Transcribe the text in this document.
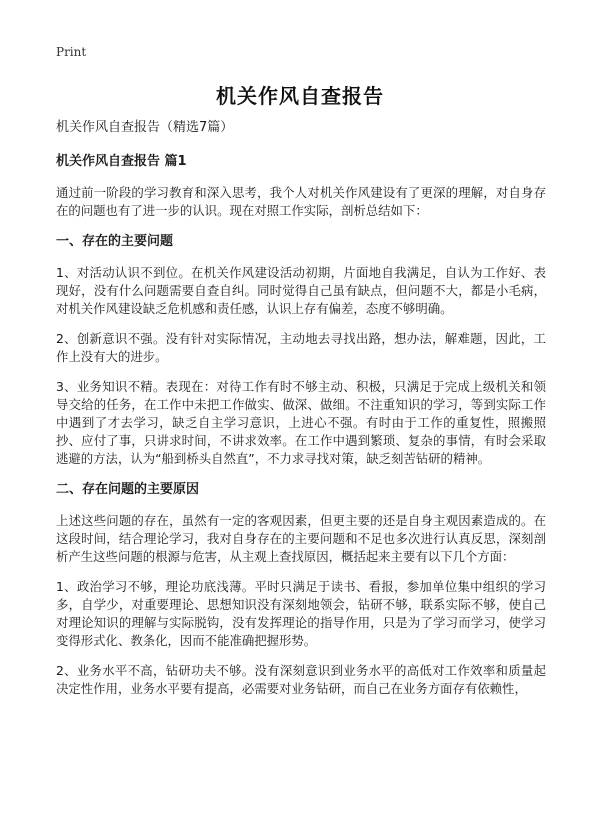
Print
机关作风自查报告
机关作风自查报告（精选7篇）
机关作风自查报告 篇1
通过前一阶段的学习教育和深入思考，我个人对机关作风建设有了更深的理解，对自身存在的问题也有了进一步的认识。现在对照工作实际，剖析总结如下：
一、存在的主要问题
1、对活动认识不到位。在机关作风建设活动初期，片面地自我满足，自认为工作好、表现好，没有什么问题需要自查自纠。同时觉得自己虽有缺点，但问题不大，都是小毛病，对机关作风建设缺乏危机感和责任感，认识上存有偏差，态度不够明确。
2、创新意识不强。没有针对实际情况，主动地去寻找出路，想办法，解难题，因此，工作上没有大的进步。
3、业务知识不精。表现在：对待工作有时不够主动、积极，只满足于完成上级机关和领导交给的任务，在工作中未把工作做实、做深、做细。不注重知识的学习，等到实际工作中遇到了才去学习，缺乏自主学习意识，上进心不强。有时由于工作的重复性，照搬照抄、应付了事，只讲求时间，不讲求效率。在工作中遇到繁琐、复杂的事情，有时会采取逃避的方法，认为“船到桥头自然直”，不力求寻找对策，缺乏刻苦钻研的精神。
二、存在问题的主要原因
上述这些问题的存在，虽然有一定的客观因素，但更主要的还是自身主观因素造成的。在这段时间，结合理论学习，我对自身存在的主要问题和不足也多次进行认真反思，深刻剖析产生这些问题的根源与危害，从主观上查找原因，概括起来主要有以下几个方面：
1、政治学习不够，理论功底浅薄。平时只满足于读书、看报，参加单位集中组织的学习多，自学少，对重要理论、思想知识没有深刻地领会，钻研不够，联系实际不够，使自己对理论知识的理解与实际脱钩，没有发挥理论的指导作用，只是为了学习而学习，使学习变得形式化、教条化，因而不能准确把握形势。
2、业务水平不高，钻研功夫不够。没有深刻意识到业务水平的高低对工作效率和质量起决定性作用，业务水平要有提高，必需要对业务钻研，而自己在业务方面存有依赖性，
